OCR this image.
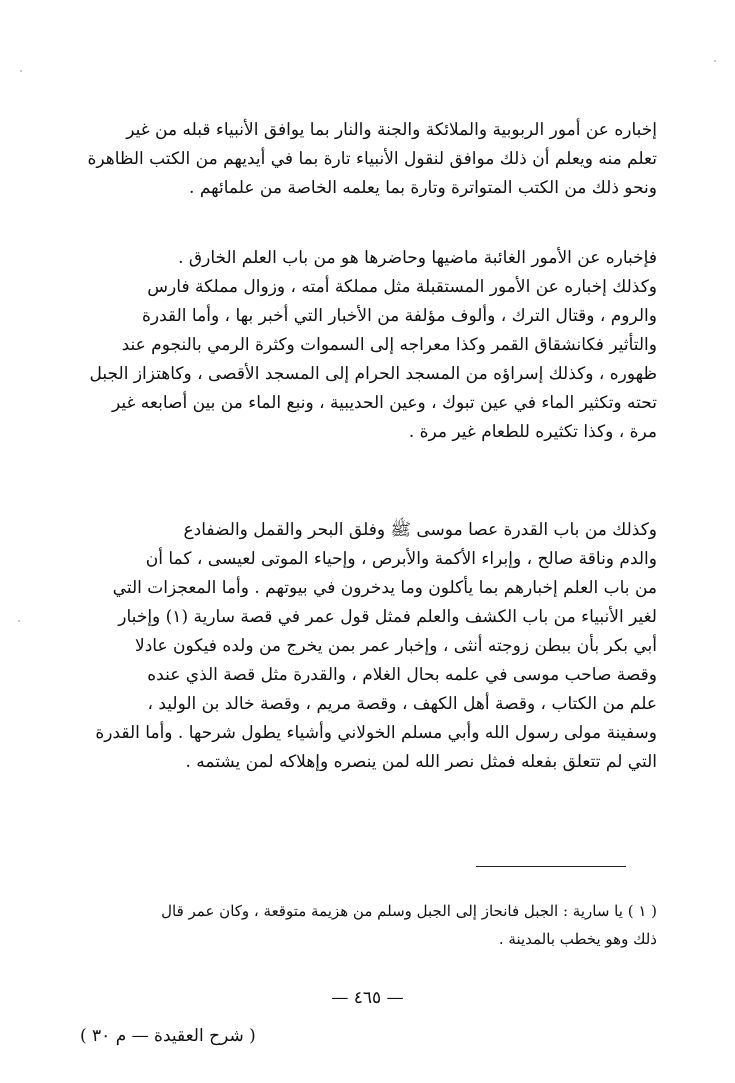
إخباره عن أمور الربوبية والملائكة والجنة والنار بما يوافق الأنبياء قبله من غير
تعلم منه ويعلم أن ذلك موافق لنقول الأنبياء تارة بما في أيديهم من الكتب الظاهرة
ونحو ذلك من الكتب المتواترة وتارة بما يعلمه الخاصة من علمائهم .
فإخباره عن الأمور الغائبة ماضيها وحاضرها هو من باب العلم الخارق .
وكذلك إخباره عن الأمور المستقبلة مثل مملكة أمته ، وزوال مملكة فارس
والروم ، وقتال الترك ، وألوف مؤلفة من الأخبار التي أخبر بها ، وأما القدرة
والتأثير فكانشقاق القمر وكذا معراجه إلى السموات وكثرة الرمي بالنجوم عند
ظهوره ، وكذلك إسراؤه من المسجد الحرام إلى المسجد الأقصى ، وكاهتزاز الجبل
تحته وتكثير الماء في عين تبوك ، وعين الحديبية ، ونبع الماء من بين أصابعه غير
مرة ، وكذا تكثيره للطعام غير مرة .
وكذلك من باب القدرة عصا موسى ﷺ وفلق البحر والقمل والضفادع
والدم وناقة صالح ، وإبراء الأكمة والأبرص ، وإحياء الموتى لعيسى ، كما أن
من باب العلم إخبارهم بما يأكلون وما يدخرون في بيوتهم . وأما المعجزات التي
لغير الأنبياء من باب الكشف والعلم فمثل قول عمر في قصة سارية (١) وإخبار
أبي بكر بأن ببطن زوجته أنثى ، وإخبار عمر بمن يخرج من ولده فيكون عادلا
وقصة صاحب موسى في علمه بحال الغلام ، والقدرة مثل قصة الذي عنده
علم من الكتاب ، وقصة أهل الكهف ، وقصة مريم ، وقصة خالد بن الوليد ،
وسفينة مولى رسول الله وأبي مسلم الخولاني وأشياء يطول شرحها . وأما القدرة
التي لم تتعلق بفعله فمثل نصر الله لمن ينصره وإهلاكه لمن يشتمه .
( ١ ) يا سارية : الجبل فانحاز إلى الجبل وسلم من هزيمة متوقعة ، وكان عمر قال
ذلك وهو يخطب بالمدينة .
— ٤٦٥ —
( شرح العقيدة — م ٣٠ )
